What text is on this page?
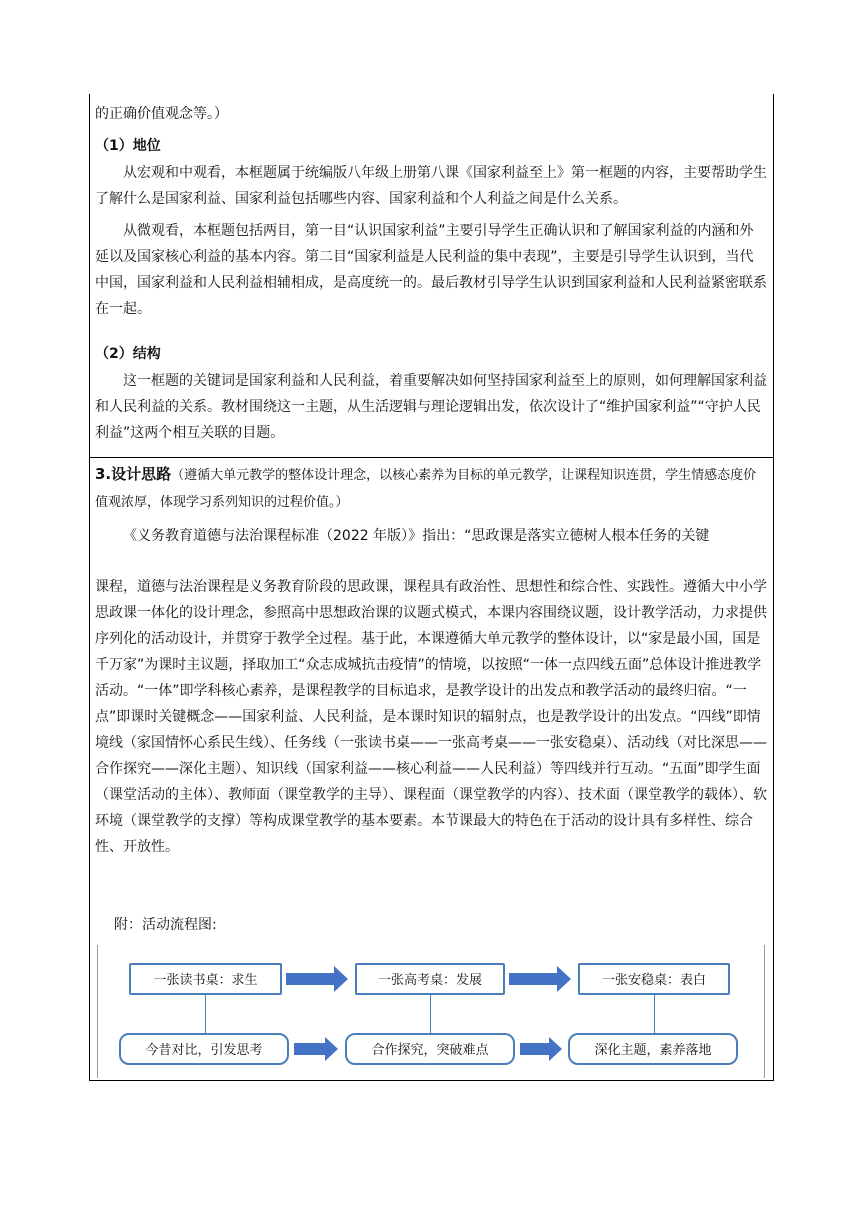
的正确价值观念等。）

（1）地位

从宏观和中观看，本框题属于统编版八年级上册第八课《国家利益至上》第一框题的内容，主要帮助学生了解什么是国家利益、国家利益包括哪些内容、国家利益和个人利益之间是什么关系。

从微观看，本框题包括两目，第一目“认识国家利益”主要引导学生正确认识和了解国家利益的内涵和外延以及国家核心利益的基本内容。第二目“国家利益是人民利益的集中表现”，主要是引导学生认识到，当代中国，国家利益和人民利益相辅相成，是高度统一的。最后教材引导学生认识到国家利益和人民利益紧密联系在一起。

（2）结构

这一框题的关键词是国家利益和人民利益，着重要解决如何坚持国家利益至上的原则，如何理解国家利益和人民利益的关系。教材围绕这一主题，从生活逻辑与理论逻辑出发，依次设计了“维护国家利益”“守护人民利益”这两个相互关联的目题。

3.设计思路（遵循大单元教学的整体设计理念，以核心素养为目标的单元教学，让课程知识连贯，学生情感态度价值观浓厚，体现学习系列知识的过程价值。）

《义务教育道德与法治课程标准（2022 年版）》指出：“思政课是落实立德树人根本任务的关键

课程，道德与法治课程是义务教育阶段的思政课，课程具有政治性、思想性和综合性、实践性。遵循大中小学思政课一体化的设计理念，参照高中思想政治课的议题式模式，本课内容围绕议题，设计教学活动，力求提供序列化的活动设计，并贯穿于教学全过程。基于此，本课遵循大单元教学的整体设计，以“家是最小国，国是千万家”为课时主议题，择取加工“众志成城抗击疫情”的情境，以按照“一体一点四线五面”总体设计推进教学活动。“一体”即学科核心素养，是课程教学的目标追求，是教学设计的出发点和教学活动的最终归宿。“一点”即课时关键概念——国家利益、人民利益，是本课时知识的辐射点，也是教学设计的出发点。“四线”即情境线（家国情怀心系民生线）、任务线（一张读书桌——一张高考桌——一张安稳桌）、活动线（对比深思——合作探究——深化主题）、知识线（国家利益——核心利益——人民利益）等四线并行互动。“五面”即学生面（课堂活动的主体）、教师面（课堂教学的主导）、课程面（课堂教学的内容）、技术面（课堂教学的载体）、软环境（课堂教学的支撑）等构成课堂教学的基本要素。本节课最大的特色在于活动的设计具有多样性、综合性、开放性。

附：活动流程图:

一张读书桌：求生	一张高考桌：发展	一张安稳桌：表白
今昔对比，引发思考	合作探究，突破难点	深化主题，素养落地
